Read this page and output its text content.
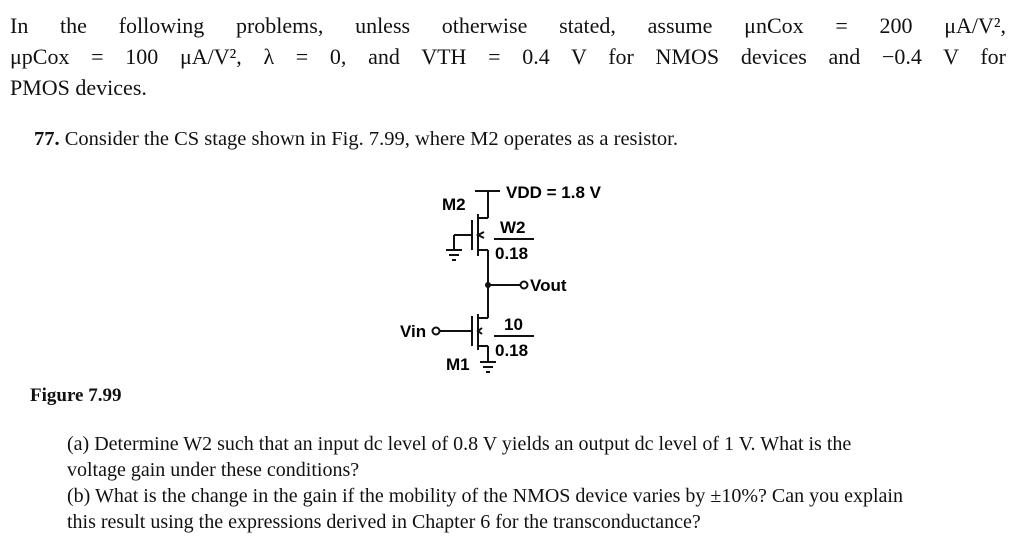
In the following problems, unless otherwise stated, assume μnCox = 200 μA/V²,
μpCox = 100 μA/V², λ = 0, and VTH = 0.4 V for NMOS devices and −0.4 V for
PMOS devices.
77. Consider the CS stage shown in Fig. 7.99, where M2 operates as a resistor.
M2
VDD = 1.8 V
W2
0.18
Vout
Vin	10
0.18
M1
Figure 7.99

(a) Determine W2 such that an input dc level of 0.8 V yields an output dc level of 1 V. What is the voltage gain under these conditions?

(b) What is the change in the gain if the mobility of the NMOS device varies by ±10%? Can you explain this result using the expressions derived in Chapter 6 for the transconductance?
